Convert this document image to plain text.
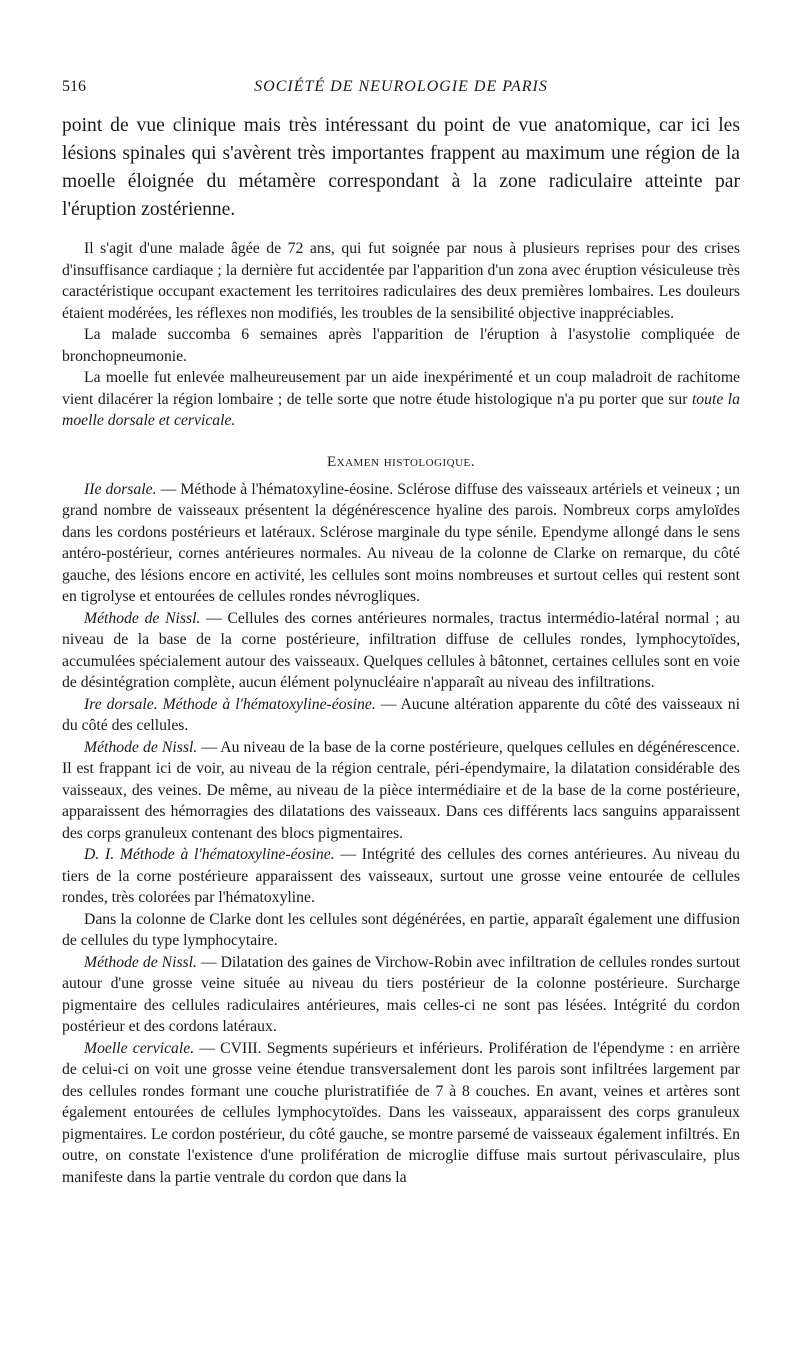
516	SOCIÉTÉ DE NEUROLOGIE DE PARIS

point de vue clinique mais très intéressant du point de vue anatomique, car ici les lésions spinales qui s'avèrent très importantes frappent au maximum une région de la moelle éloignée du métamère correspondant à la zone radiculaire atteinte par l'éruption zostérienne.

Il s'agit d'une malade âgée de 72 ans, qui fut soignée par nous à plusieurs reprises pour des crises d'insuffisance cardiaque ; la dernière fut accidentée par l'apparition d'un zona avec éruption vésiculeuse très caractéristique occupant exactement les territoires radiculaires des deux premières lombaires. Les douleurs étaient modérées, les réflexes non modifiés, les troubles de la sensibilité objective inappréciables.

La malade succomba 6 semaines après l'apparition de l'éruption à l'asystolie compliquée de bronchopneumonie.

La moelle fut enlevée malheureusement par un aide inexpérimenté et un coup maladroit de rachitome vient dilacérer la région lombaire ; de telle sorte que notre étude histologique n'a pu porter que sur toute la moelle dorsale et cervicale.

Examen histologique.

IIe dorsale. — Méthode à l'hématoxyline-éosine. Sclérose diffuse des vaisseaux artériels et veineux ; un grand nombre de vaisseaux présentent la dégénérescence hyaline des parois. Nombreux corps amyloïdes dans les cordons postérieurs et latéraux. Sclérose marginale du type sénile. Ependyme allongé dans le sens antéro-postérieur, cornes antérieures normales. Au niveau de la colonne de Clarke on remarque, du côté gauche, des lésions encore en activité, les cellules sont moins nombreuses et surtout celles qui restent sont en tigrolyse et entourées de cellules rondes névrogliques.

Méthode de Nissl. — Cellules des cornes antérieures normales, tractus intermédio-latéral normal ; au niveau de la base de la corne postérieure, infiltration diffuse de cellules rondes, lymphocytoïdes, accumulées spécialement autour des vaisseaux. Quelques cellules à bâtonnet, certaines cellules sont en voie de désintégration complète, aucun élément polynucléaire n'apparaît au niveau des infiltrations.

Ire dorsale. Méthode à l'hématoxyline-éosine. — Aucune altération apparente du côté des vaisseaux ni du côté des cellules.

Méthode de Nissl. — Au niveau de la base de la corne postérieure, quelques cellules en dégénérescence. Il est frappant ici de voir, au niveau de la région centrale, péri-épendymaire, la dilatation considérable des vaisseaux, des veines. De même, au niveau de la pièce intermédiaire et de la base de la corne postérieure, apparaissent des hémorragies des dilatations des vaisseaux. Dans ces différents lacs sanguins apparaissent des corps granuleux contenant des blocs pigmentaires.

D. I. Méthode à l'hématoxyline-éosine. — Intégrité des cellules des cornes antérieures. Au niveau du tiers de la corne postérieure apparaissent des vaisseaux, surtout une grosse veine entourée de cellules rondes, très colorées par l'hématoxyline.

Dans la colonne de Clarke dont les cellules sont dégénérées, en partie, apparaît également une diffusion de cellules du type lymphocytaire.

Méthode de Nissl. — Dilatation des gaines de Virchow-Robin avec infiltration de cellules rondes surtout autour d'une grosse veine située au niveau du tiers postérieur de la colonne postérieure. Surcharge pigmentaire des cellules radiculaires antérieures, mais celles-ci ne sont pas lésées. Intégrité du cordon postérieur et des cordons latéraux.

Moelle cervicale. — CVIII. Segments supérieurs et inférieurs. Prolifération de l'épendyme : en arrière de celui-ci on voit une grosse veine étendue transversalement dont les parois sont infiltrées largement par des cellules rondes formant une couche pluristratifiée de 7 à 8 couches. En avant, veines et artères sont également entourées de cellules lymphocytoïdes. Dans les vaisseaux, apparaissent des corps granuleux pigmentaires. Le cordon postérieur, du côté gauche, se montre parsemé de vaisseaux également infiltrés. En outre, on constate l'existence d'une prolifération de microglie diffuse mais surtout périvasculaire, plus manifeste dans la partie ventrale du cordon que dans la
